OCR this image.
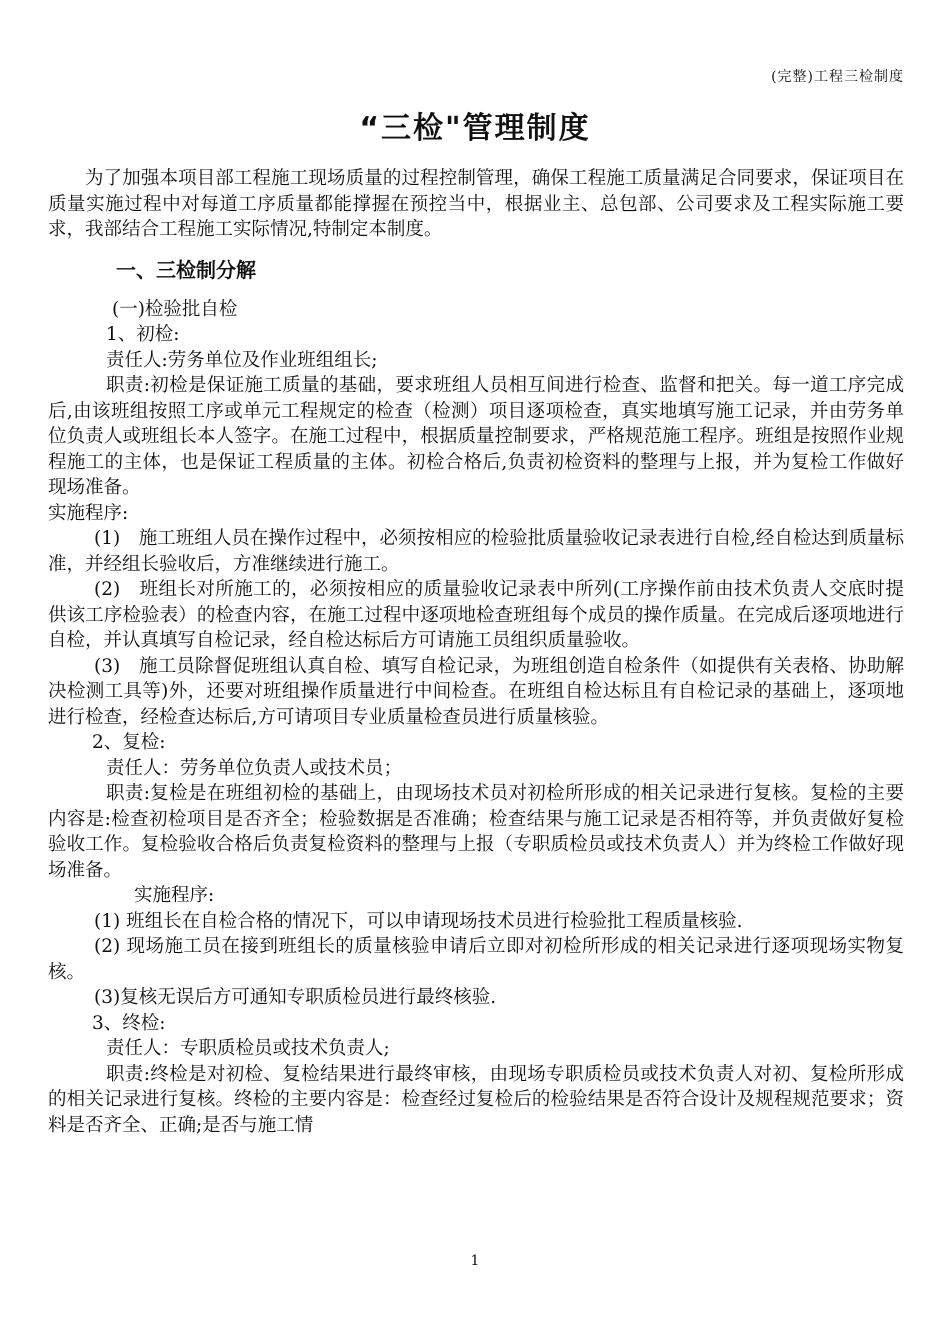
(完整)工程三检制度
“三检"管理制度

为了加强本项目部工程施工现场质量的过程控制管理，确保工程施工质量满足合同要求，保证项目在质量实施过程中对每道工序质量都能撑握在预控当中，根据业主、总包部、公司要求及工程实际施工要求，我部结合工程施工实际情况,特制定本制度。

一、三检制分解

(一)检验批自检

1、初检:

责任人:劳务单位及作业班组组长;

职责:初检是保证施工质量的基础，要求班组人员相互间进行检查、监督和把关。每一道工序完成后,由该班组按照工序或单元工程规定的检查（检测）项目逐项检查，真实地填写施工记录，并由劳务单位负责人或班组长本人签字。在施工过程中，根据质量控制要求，严格规范施工程序。班组是按照作业规程施工的主体，也是保证工程质量的主体。初检合格后,负责初检资料的整理与上报，并为复检工作做好现场准备。

实施程序:

(1)　施工班组人员在操作过程中，必须按相应的检验批质量验收记录表进行自检,经自检达到质量标准，并经组长验收后，方准继续进行施工。

(2)　班组长对所施工的，必须按相应的质量验收记录表中所列(工序操作前由技术负责人交底时提供该工序检验表）的检查内容，在施工过程中逐项地检查班组每个成员的操作质量。在完成后逐项地进行自检，并认真填写自检记录，经自检达标后方可请施工员组织质量验收。

(3)　施工员除督促班组认真自检、填写自检记录，为班组创造自检条件（如提供有关表格、协助解决检测工具等)外，还要对班组操作质量进行中间检查。在班组自检达标且有自检记录的基础上，逐项地进行检查，经检查达标后,方可请项目专业质量检查员进行质量核验。

2、复检:

责任人：劳务单位负责人或技术员；

职责:复检是在班组初检的基础上，由现场技术员对初检所形成的相关记录进行复核。复检的主要内容是:检查初检项目是否齐全；检验数据是否准确；检查结果与施工记录是否相符等，并负责做好复检验收工作。复检验收合格后负责复检资料的整理与上报（专职质检员或技术负责人）并为终检工作做好现场准备。

实施程序:

(1) 班组长在自检合格的情况下，可以申请现场技术员进行检验批工程质量核验.

(2) 现场施工员在接到班组长的质量核验申请后立即对初检所形成的相关记录进行逐项现场实物复核。

(3)复核无误后方可通知专职质检员进行最终核验.

3、终检:

责任人：专职质检员或技术负责人;

职责:终检是对初检、复检结果进行最终审核，由现场专职质检员或技术负责人对初、复检所形成的相关记录进行复核。终检的主要内容是：检查经过复检后的检验结果是否符合设计及规程规范要求；资料是否齐全、正确;是否与施工情

1
